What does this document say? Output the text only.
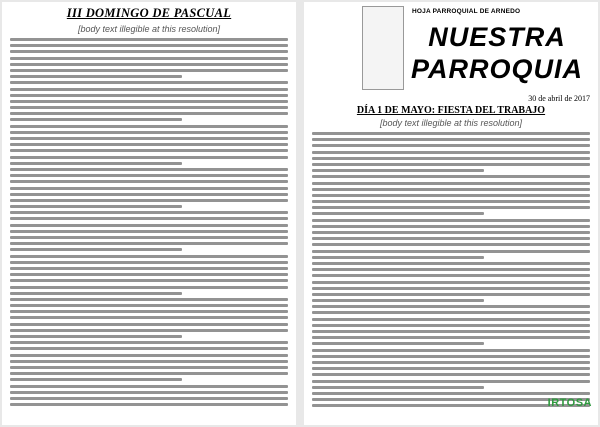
III DOMINGO DE PASCUAL
[body text illegible at this resolution]
HOJA PARROQUIAL DE ARNEDO
NUESTRA
PARROQUIA
30 de abril de 2017
DÍA 1 DE MAYO: FIESTA DEL TRABAJO
[body text illegible at this resolution]
IRTOSA
